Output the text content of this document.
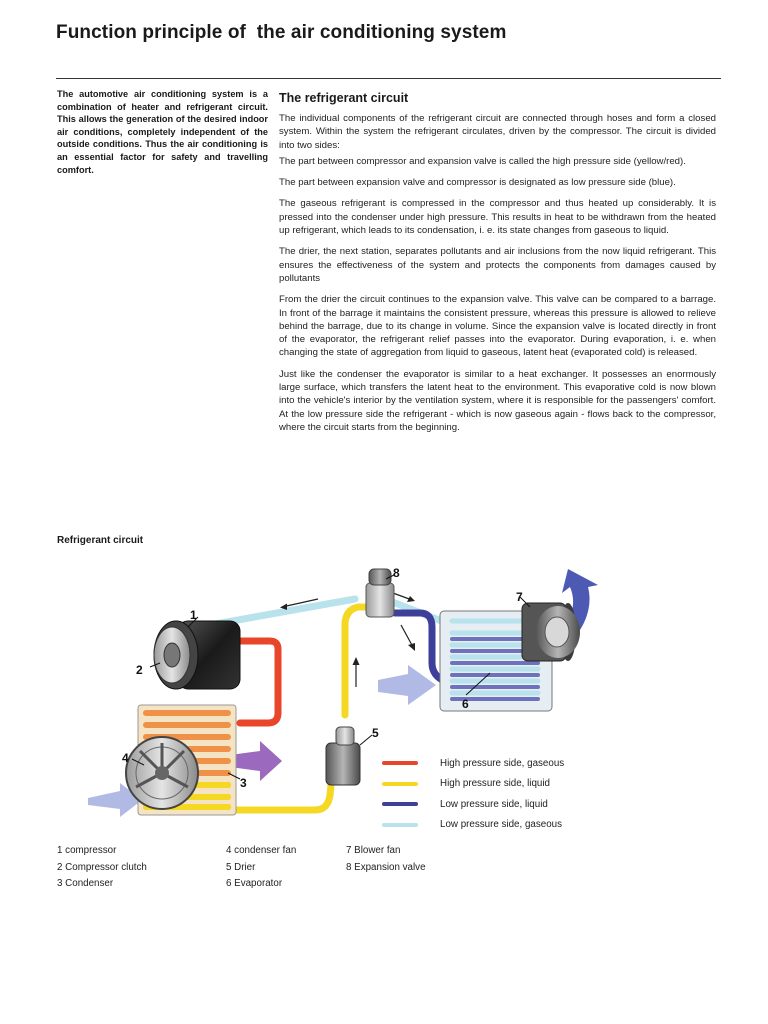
Function principle of  the air conditioning system
The automotive air conditioning system is a combination of heater and refrigerant circuit. This allows the generation of the desired indoor air conditions, completely independent of the outside conditions. Thus the air conditioning is an essential factor for safety and travelling comfort.
The refrigerant circuit

The individual components of the refrigerant circuit are connected through hoses and form a closed system. Within the system the refrigerant circulates, driven by the compressor. The circuit is divided into two sides:

The part between compressor and expansion valve is called the high pressure side (yellow/red).

The part between expansion valve and compressor is designated as low pressure side (blue).

The gaseous refrigerant is compressed in the compressor and thus heated up considerably. It is pressed into the condenser under high pressure. This results in heat to be withdrawn from the heated up refrigerant, which leads to its condensation, i. e. its state changes from gaseous to liquid.

The drier, the next station, separates pollutants and air inclusions from the now liquid refrigerant. This ensures the effectiveness of the system and protects the components from damages caused by pollutants

From the drier the circuit continues to the expansion valve. This valve can be compared to a barrage. In front of the barrage it maintains the consistent pressure, whereas this pressure is allowed to relieve behind the barrage, due to its change in volume. Since the expansion valve is located directly in front of the evaporator, the refrigerant relief passes into the evaporator. During evaporation, i. e. when changing the state of aggregation from liquid to gaseous, latent heat (evaporated cold) is released.

Just like the condenser the evaporator is similar to a heat exchanger. It possesses an enormously large surface, which transfers the latent heat to the environment. This evaporative cold is now blown into the vehicle's interior by the ventilation system, where it is responsible for the passengers' comfort. At the low pressure side the refrigerant - which is now gaseous again - flows back to the compressor, where the circuit starts from the beginning.

Refrigerant circuit
1
2
3
4
5
6
7
8
High pressure side, gaseous
High pressure side, liquid
Low pressure side, liquid
Low pressure side, gaseous
1 compressor
2 Compressor clutch
3 Condenser
4 condenser fan
5 Drier
6 Evaporator
7 Blower fan
8 Expansion valve
